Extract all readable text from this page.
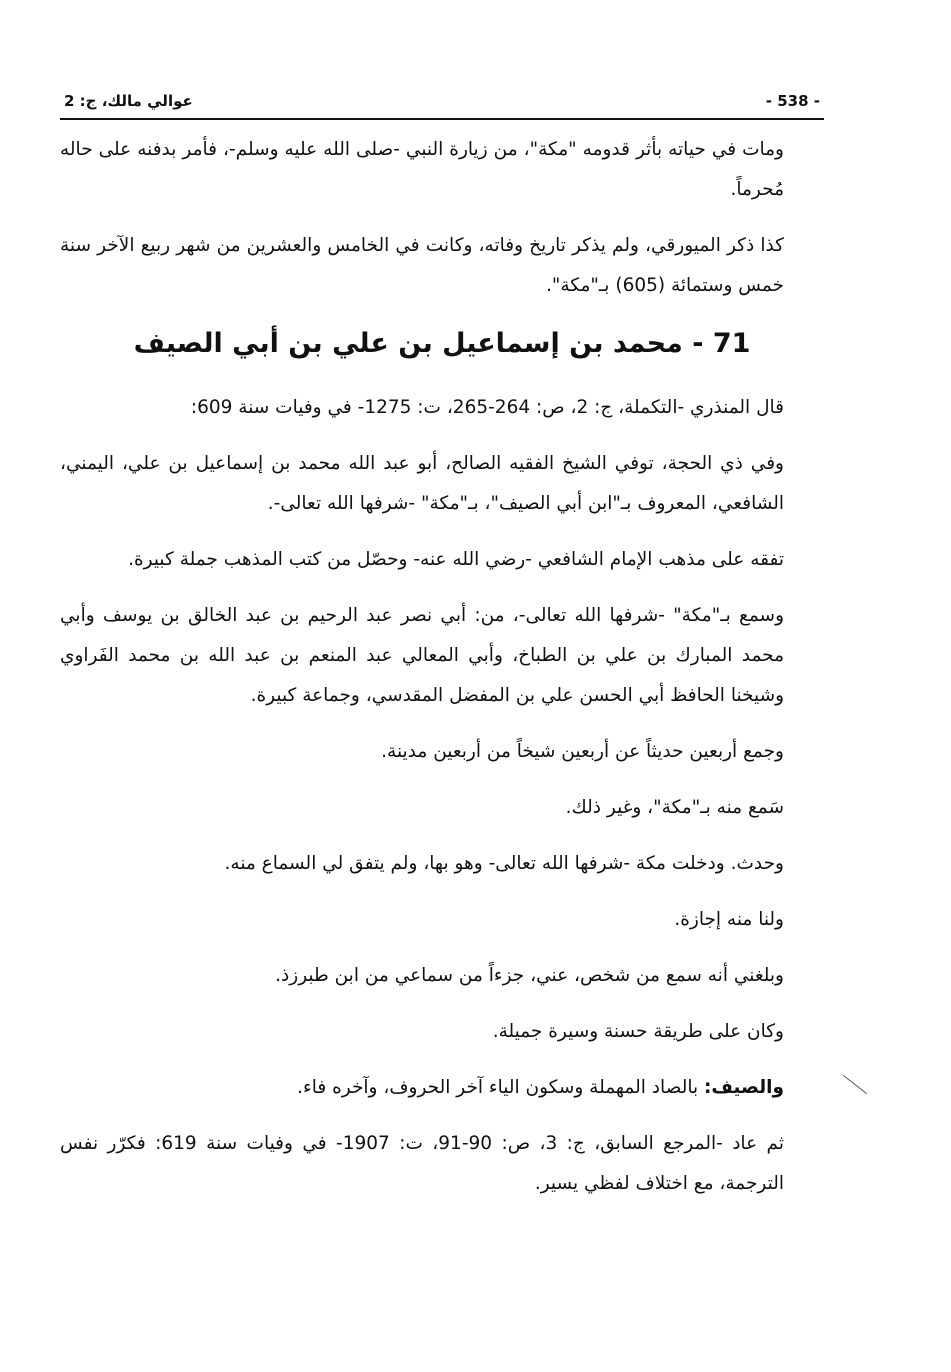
عوالي مالك، ج: 2	- 538 -

ومات في حياته بأثر قدومه "مكة"، من زيارة النبي -صلى الله عليه وسلم-، فأمر بدفنه على حاله مُحرماً.

كذا ذكر الميورقي، ولم يذكر تاريخ وفاته، وكانت في الخامس والعشرين من شهر ربيع الآخر سنة خمس وستمائة (605) بـ"مكة".

71 - محمد بن إسماعيل بن علي بن أبي الصيف

قال المنذري -التكملة، ج: 2، ص: 264-265، ت: 1275- في وفيات سنة 609:

وفي ذي الحجة، توفي الشيخ الفقيه الصالح، أبو عبد الله محمد بن إسماعيل بن علي، اليمني، الشافعي، المعروف بـ"ابن أبي الصيف"، بـ"مكة" -شرفها الله تعالى-.

تفقه على مذهب الإمام الشافعي -رضي الله عنه- وحصّل من كتب المذهب جملة كبيرة.

وسمع بـ"مكة" -شرفها الله تعالى-، من: أبي نصر عبد الرحيم بن عبد الخالق بن يوسف وأبي محمد المبارك بن علي بن الطباخ، وأبي المعالي عبد المنعم بن عبد الله بن محمد الفَراوي وشيخنا الحافظ أبي الحسن علي بن المفضل المقدسي، وجماعة كبيرة.

وجمع أربعين حديثاً عن أربعين شيخاً من أربعين مدينة.

سَمع منه بـ"مكة"، وغير ذلك.

وحدث. ودخلت مكة -شرفها الله تعالى- وهو بها، ولم يتفق لي السماع منه.

ولنا منه إجازة.

وبلغني أنه سمع من شخص، عني، جزءاً من سماعي من ابن طبرزذ.

وكان على طريقة حسنة وسيرة جميلة.

والصيف: بالصاد المهملة وسكون الياء آخر الحروف، وآخره فاء.

ثم عاد -المرجع السابق، ج: 3، ص: 90-91، ت: 1907- في وفيات سنة 619: فكرّر نفس الترجمة، مع اختلاف لفظي يسير.
